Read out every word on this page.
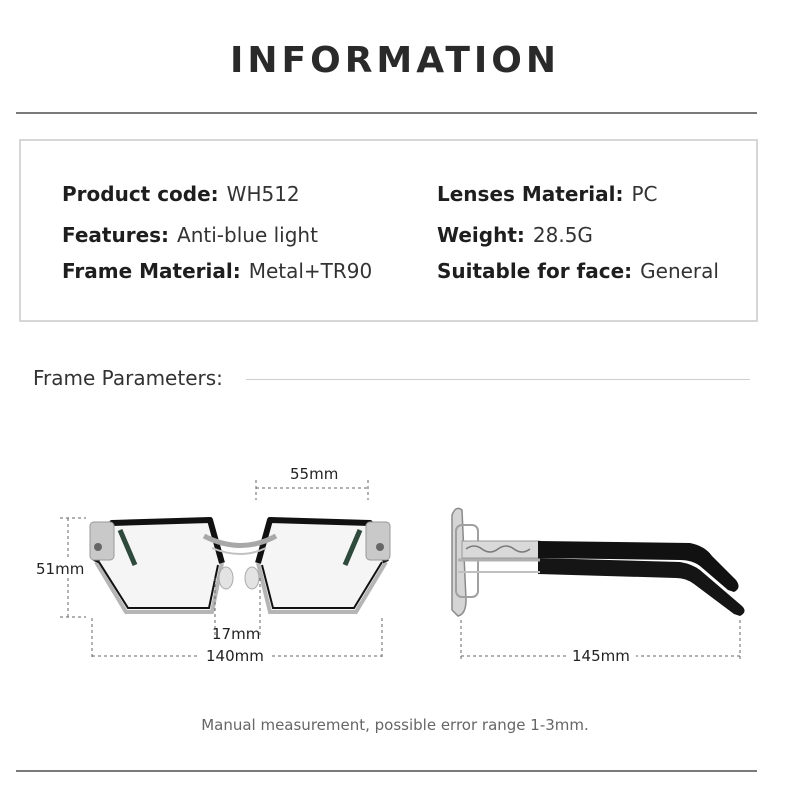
INFORMATION
Product code: WH512
Features: Anti-blue light
Frame Material: Metal+TR90
Lenses Material: PC
Weight: 28.5G
Suitable for face: General
Frame Parameters:
55mm
51mm
17mm
140mm	145mm
Manual measurement, possible error range 1-3mm.
